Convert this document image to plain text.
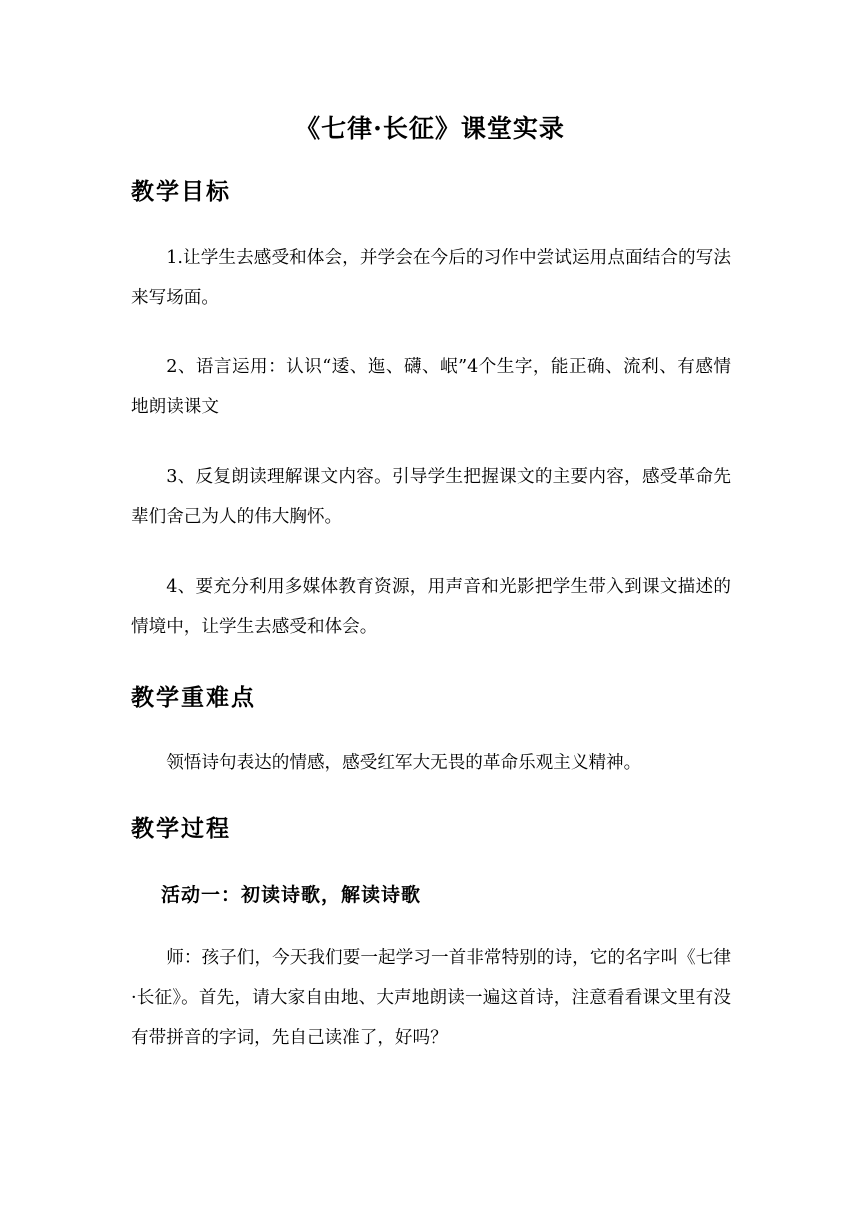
《七律·长征》课堂实录
教学目标
1.让学生去感受和体会，并学会在今后的习作中尝试运用点面结合的写法来写场面。
2、语言运用：认识“逶、迤、礴、岷”4个生字，能正确、流利、有感情地朗读课文
3、反复朗读理解课文内容。引导学生把握课文的主要内容，感受革命先辈们舍己为人的伟大胸怀。
4、要充分利用多媒体教育资源，用声音和光影把学生带入到课文描述的情境中，让学生去感受和体会。
教学重难点
领悟诗句表达的情感，感受红军大无畏的革命乐观主义精神。
教学过程
活动一：初读诗歌，解读诗歌
师：孩子们，今天我们要一起学习一首非常特别的诗，它的名字叫《七律·长征》。首先，请大家自由地、大声地朗读一遍这首诗，注意看看课文里有没有带拼音的字词，先自己读准了，好吗？
